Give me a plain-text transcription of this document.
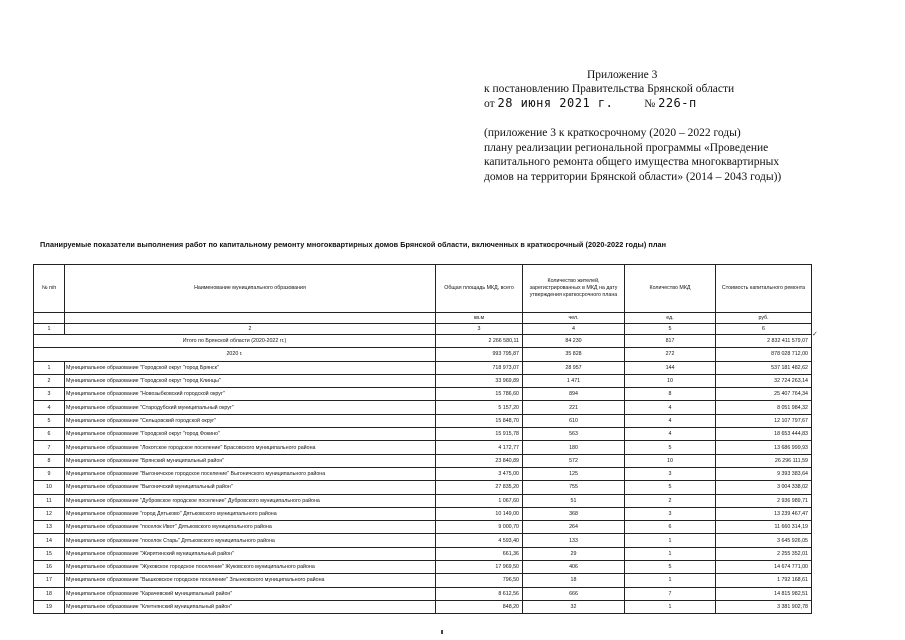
Приложение 3
к постановлению Правительства Брянской области
от 28 июня 2021 г.	№ 226-п
(приложение 3 к краткосрочному (2020 – 2022 годы)
плану реализации региональной программы «Проведение
капитального ремонта общего имущества многоквартирных
домов на территории Брянской области» (2014 – 2043 годы))
Планируемые показатели выполнения работ по капитальному ремонту многоквартирных домов Брянской области, включенных в краткосрочный (2020-2022 годы) план
✓
№ п/п	Наименование муниципального образования	Общая площадь МКД, всего	Количество жителей, зарегистрированных в МКД на дату утверждения краткосрочного плана	Количество МКД	Стоимость капитального ремонта
		кв.м	чел.	ед.	руб.
1	2	3	4	5	6
Итого по Брянской области (2020-2022 гг.)		2 266 580,11	84 230	817	2 832 411 579,07
2020 г.		993 795,87	35 828	272	878 028 712,00
1	Муниципальное образование "Городской округ "город Брянск"	718 973,07	28 957	144	537 181 482,62
2	Муниципальное образование "Городской округ "город Клинцы"	33 969,89	1 471	10	32 724 263,14
3	Муниципальное образование "Новозыбковский городской округ"	15 786,60	894	8	25 407 764,34
4	Муниципальное образование "Стародубский муниципальный округ"	5 157,20	221	4	8 051 984,32
5	Муниципальное образование "Сельцовский городской округ"	15 848,70	610	4	12 107 797,67
6	Муниципальное образование "Городской округ "город Фокино"	15 915,78	563	4	18 653 444,83
7	Муниципальное образование "Локотское городское поселение" Брасовского муниципального района	4 172,77	180	5	13 686 999,93
8	Муниципальное образование "Брянский муниципальный район"	23 840,89	572	10	26 296 111,59
9	Муниципальное образование "Выгоничское городское поселение" Выгоничского муниципального района	3 475,00	125	3	9 393 383,64
10	Муниципальное образование "Выгоничский муниципальный район"	27 835,20	755	5	3 004 338,02
11	Муниципальное образование "Дубровское городское поселение" Дубровского муниципального района	1 067,60	51	2	2 936 989,71
12	Муниципальное образование "город Дятьково" Дятьковского муниципального района	10 149,00	368	3	13 239 467,47
13	Муниципальное образование "поселок Ивот" Дятьковского муниципального района	9 000,70	264	6	11 660 314,19
14	Муниципальное образование "поселок Старь" Дятьковского муниципального района	4 593,40	133	1	3 645 926,05
15	Муниципальное образование "Жирятинский муниципальный район"	661,36	29	1	2 255 352,01
16	Муниципальное образование "Жуковское городское поселение" Жуковского муниципального района	17 969,50	406	5	14 674 771,00
17	Муниципальное образование "Вышковское городское поселение" Злынковского муниципального района	796,50	18	1	1 792 168,61
18	Муниципальное образование "Карачевский муниципальный район"	8 612,56	666	7	14 815 982,51
19	Муниципальное образование "Клетнянский муниципальный район"	848,20	32	1	3 381 902,78
